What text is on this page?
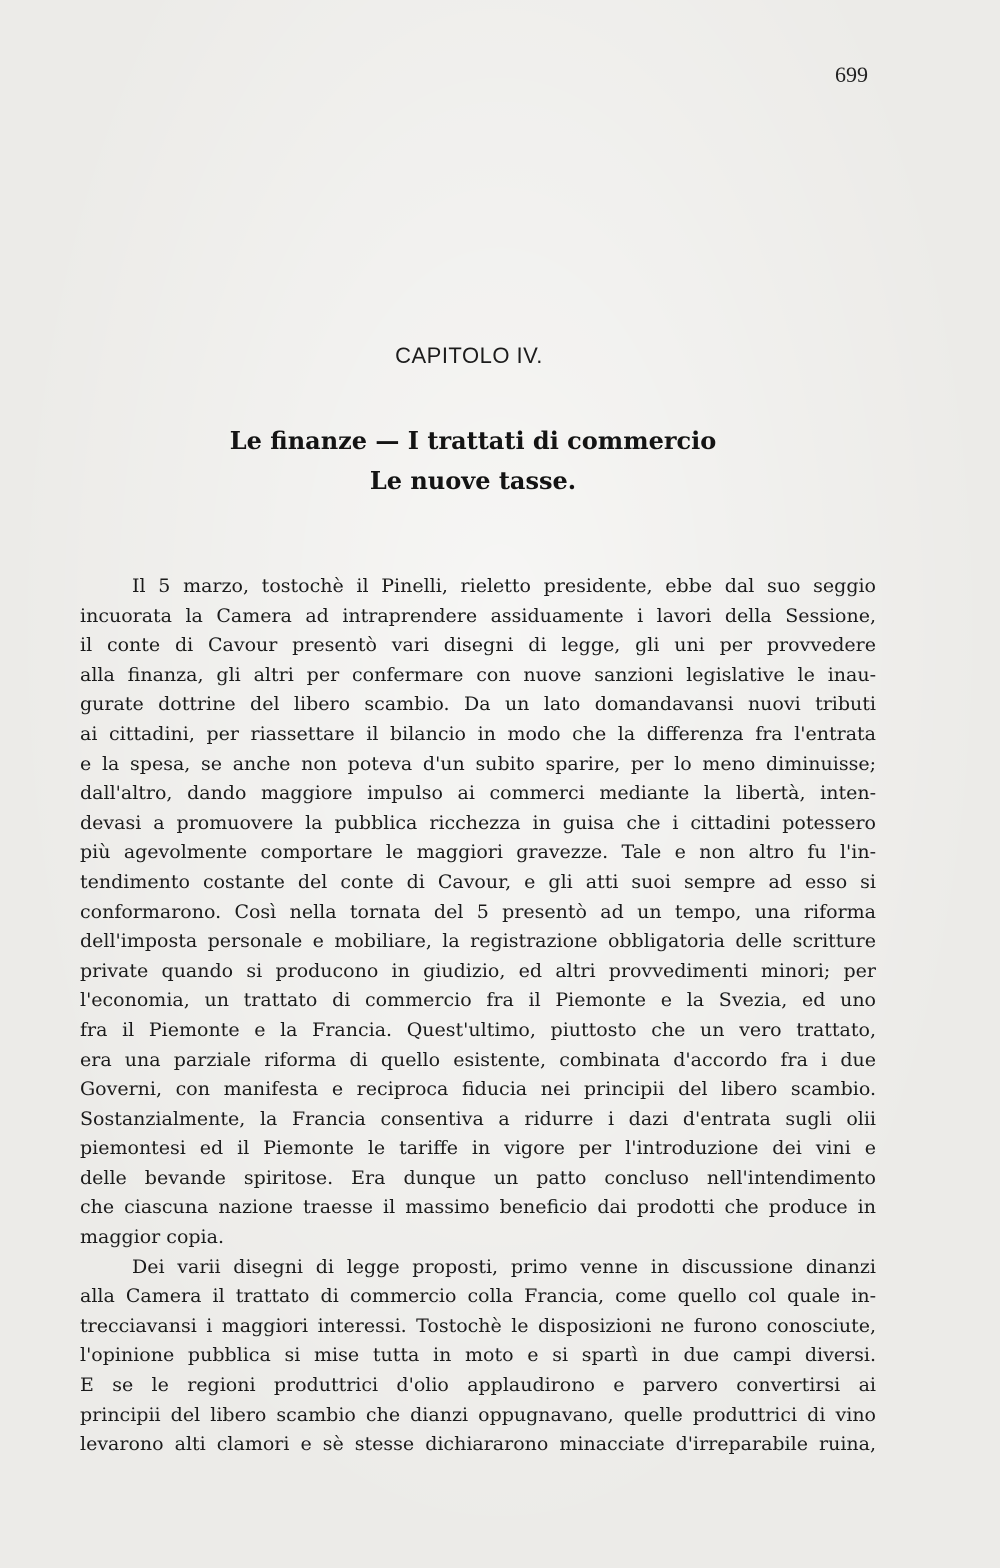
699
CAPITOLO IV.
Le finanze — I trattati di commercio
Le nuove tasse.
Il 5 marzo, tostochè il Pinelli, rieletto presidente, ebbe dal suo seggio
incuorata la Camera ad intraprendere assiduamente i lavori della Sessione,
il conte di Cavour presentò vari disegni di legge, gli uni per provvedere
alla finanza, gli altri per confermare con nuove sanzioni legislative le inau-
gurate dottrine del libero scambio. Da un lato domandavansi nuovi tributi
ai cittadini, per riassettare il bilancio in modo che la differenza fra l'entrata
e la spesa, se anche non poteva d'un subito sparire, per lo meno diminuisse;
dall'altro, dando maggiore impulso ai commerci mediante la libertà, inten-
devasi a promuovere la pubblica ricchezza in guisa che i cittadini potessero
più agevolmente comportare le maggiori gravezze. Tale e non altro fu l'in-
tendimento costante del conte di Cavour, e gli atti suoi sempre ad esso si
conformarono. Così nella tornata del 5 presentò ad un tempo, una riforma
dell'imposta personale e mobiliare, la registrazione obbligatoria delle scritture
private quando si producono in giudizio, ed altri provvedimenti minori; per
l'economia, un trattato di commercio fra il Piemonte e la Svezia, ed uno
fra il Piemonte e la Francia. Quest'ultimo, piuttosto che un vero trattato,
era una parziale riforma di quello esistente, combinata d'accordo fra i due
Governi, con manifesta e reciproca fiducia nei principii del libero scambio.
Sostanzialmente, la Francia consentiva a ridurre i dazi d'entrata sugli olii
piemontesi ed il Piemonte le tariffe in vigore per l'introduzione dei vini e
delle bevande spiritose. Era dunque un patto concluso nell'intendimento
che ciascuna nazione traesse il massimo beneficio dai prodotti che produce in
maggior copia.
Dei varii disegni di legge proposti, primo venne in discussione dinanzi
alla Camera il trattato di commercio colla Francia, come quello col quale in-
trecciavansi i maggiori interessi. Tostochè le disposizioni ne furono conosciute,
l'opinione pubblica si mise tutta in moto e si spartì in due campi diversi.
E se le regioni produttrici d'olio applaudirono e parvero convertirsi ai
principii del libero scambio che dianzi oppugnavano, quelle produttrici di vino
levarono alti clamori e sè stesse dichiararono minacciate d'irreparabile ruina,
